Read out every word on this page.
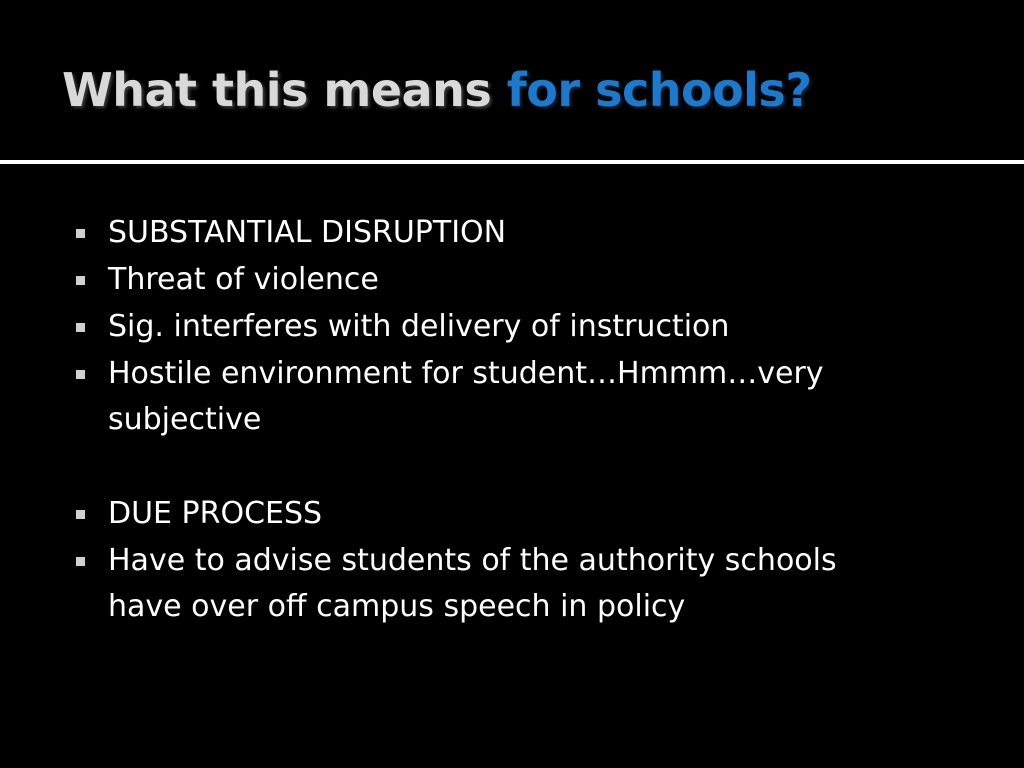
What this means for schools?
SUBSTANTIAL DISRUPTION
Threat of violence
Sig. interferes with delivery of instruction
Hostile environment for student…Hmmm…very subjective
DUE PROCESS
Have to advise students of the authority schools have over off campus speech in policy
